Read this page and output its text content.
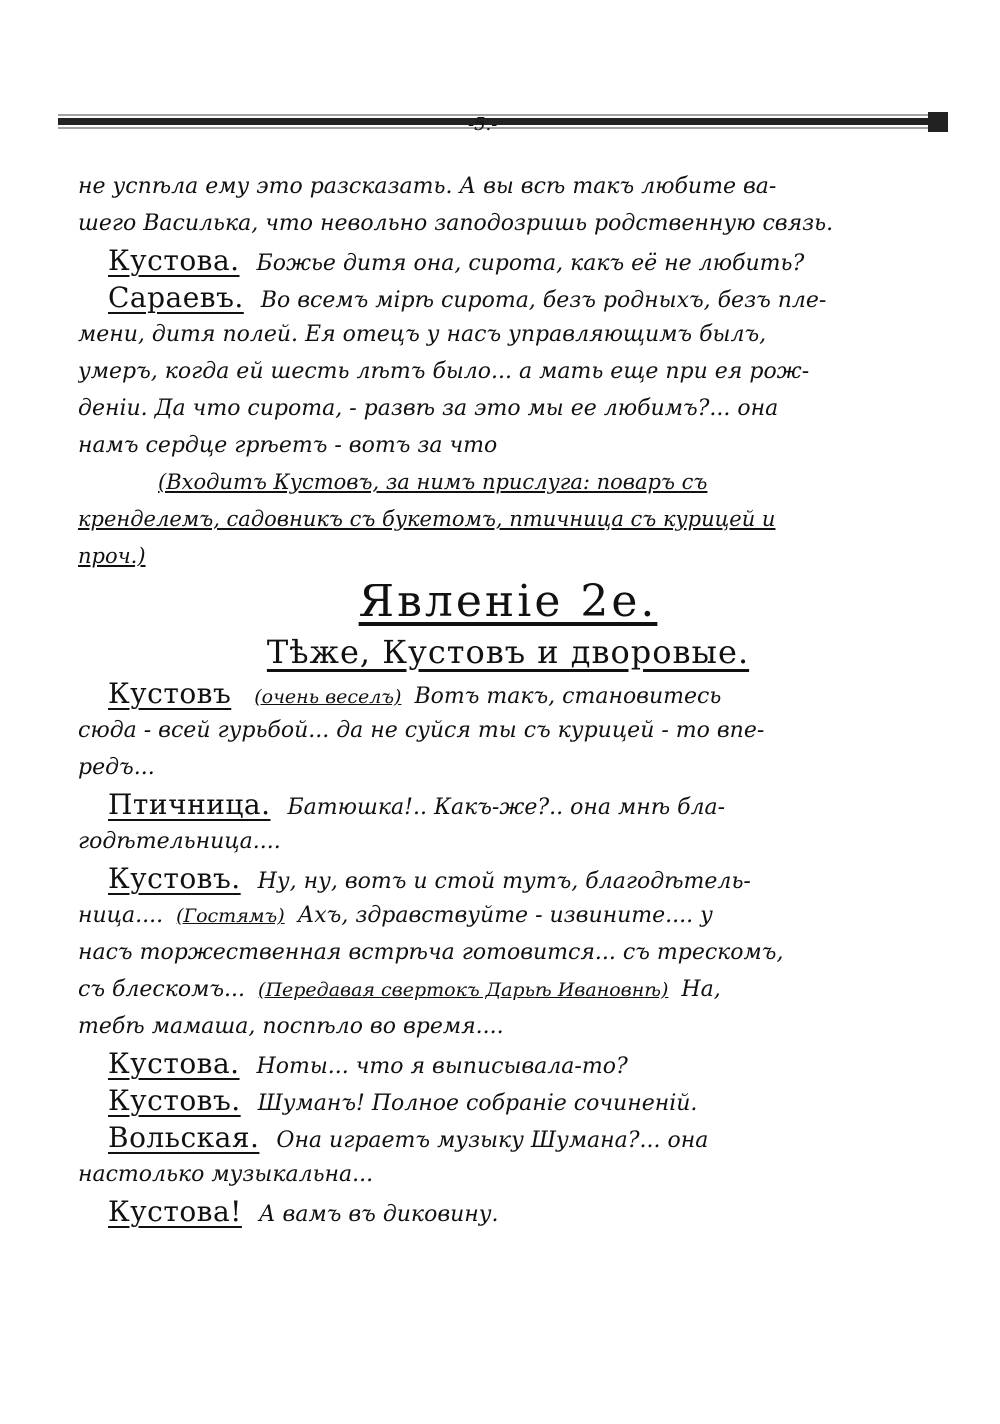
-5.-
не успѣла ему это разсказать. А вы всѣ такъ любите ва-
шего Василька, что невольно заподозришь родственную связь.
Кустова. Божье дитя она, сирота, какъ её не любить?
Сараевъ. Во всемъ мірѣ сирота, безъ родныхъ, безъ пле-
мени, дитя полей. Ея отецъ у насъ управляющимъ былъ,
умеръ, когда ей шесть лѣтъ было... а мать еще при ея рож-
деніи. Да что сирота, - развѣ за это мы ее любимъ?... она
намъ сердце грѣетъ - вотъ за что
(Входитъ Кустовъ, за нимъ прислуга: поваръ съ
кренделемъ, садовникъ съ букетомъ, птичница съ курицей и
проч.)
Явленіе 2е.
Тѣже, Кустовъ и дворовые.
Кустовъ (очень веселъ) Вотъ такъ, становитесь
сюда - всей гурьбой... да не суйся ты съ курицей - то впе-
редъ...
Птичница. Батюшка!.. Какъ-же?.. она мнѣ бла-
годѣтельница....
Кустовъ. Ну, ну, вотъ и стой тутъ, благодѣтель-
ница.... (Гостямъ) Ахъ, здравствуйте - извините.... у
насъ торжественная встрѣча готовится... съ трескомъ,
съ блескомъ... (Передавая свертокъ Дарьѣ Ивановнѣ) На,
тебѣ мамаша, поспѣло во время....
Кустова. Ноты... что я выписывала-то?
Кустовъ. Шуманъ! Полное собраніе сочиненій.
Вольская. Она играетъ музыку Шумана?... она
настолько музыкальна...
Кустова! А вамъ въ диковину.
